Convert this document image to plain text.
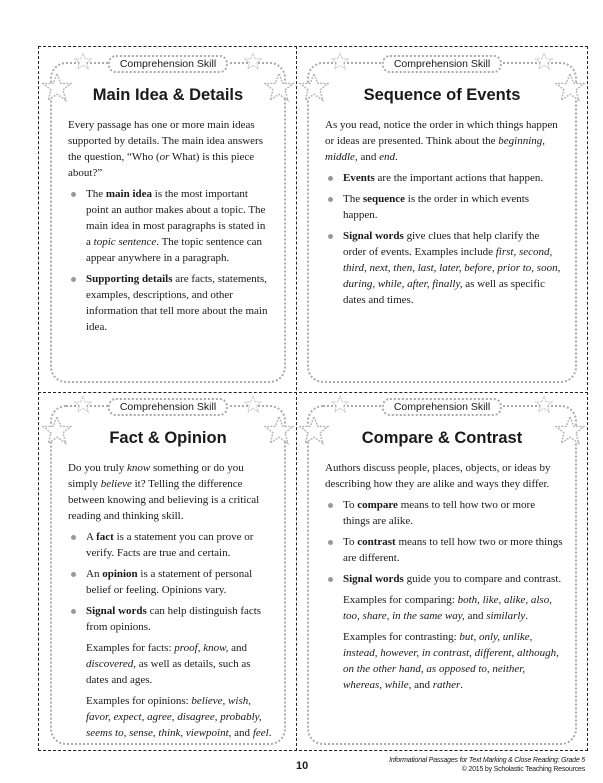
Comprehension Skill
Main Idea & Details

Every passage has one or more main ideas supported by details. The main idea answers the question, “Who (or What) is this piece about?”

The main idea is the most important point an author makes about a topic. The main idea in most paragraphs is stated in a topic sentence. The topic sentence can appear anywhere in a paragraph.
Supporting details are facts, statements, examples, descriptions, and other information that tell more about the main idea.
Comprehension Skill
Sequence of Events

As you read, notice the order in which things happen or ideas are presented. Think about the beginning, middle, and end.

Events are the important actions that happen.
The sequence is the order in which events happen.
Signal words give clues that help clarify the order of events. Examples include first, second, third, next, then, last, later, before, prior to, soon, during, while, after, finally, as well as specific dates and times.
Comprehension Skill
Fact & Opinion

Do you truly know something or do you simply believe it? Telling the difference between knowing and believing is a critical reading and thinking skill.

A fact is a statement you can prove or verify. Facts are true and certain.
An opinion is a statement of personal belief or feeling. Opinions vary.
Signal words can help distinguish facts from opinions.

Examples for facts: proof, know, and discovered, as well as details, such as dates and ages.

Examples for opinions: believe, wish, favor, expect, agree, disagree, probably, seems to, sense, think, viewpoint, and feel.

Comprehension Skill
Compare & Contrast

Authors discuss people, places, objects, or ideas by describing how they are alike and ways they differ.

To compare means to tell how two or more things are alike.
To contrast means to tell how two or more things are different.
Signal words guide you to compare and contrast.

Examples for comparing: both, like, alike, also, too, share, in the same way, and similarly.

Examples for contrasting: but, only, unlike, instead, however, in contrast, different, although, on the other hand, as opposed to, neither, whereas, while, and rather.

10	Informational Passages for Text Marking & Close Reading: Grade 5
© 2015 by Scholastic Teaching Resources
